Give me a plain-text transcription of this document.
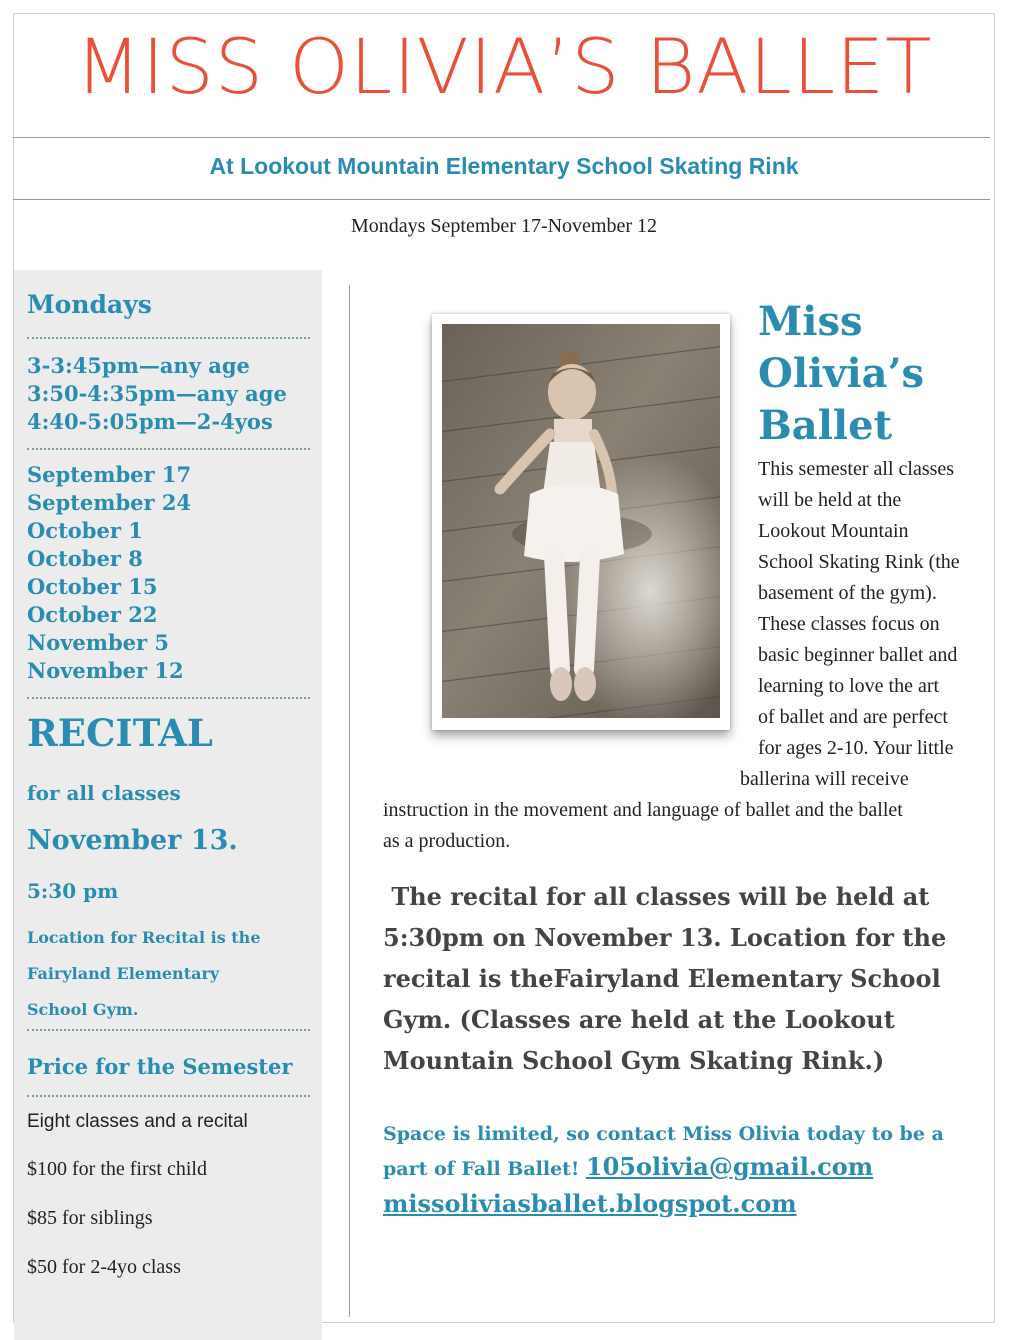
MISS OLIVIA’S BALLET
At Lookout Mountain Elementary School Skating Rink
Mondays September 17-November 12
Mondays
3-3:45pm—any age
3:50-4:35pm—any age
4:40-5:05pm—2-4yos
September 17
September 24
October 1
October 8
October 15
October 22
November 5
November 12
RECITAL
for all classes
November 13.
5:30 pm
Location for Recital is the
Fairyland Elementary
School Gym.
Price for the Semester
Eight classes and a recital
$100 for the first child
$85 for siblings
$50 for 2-4yo class
Miss
Olivia’s
Ballet
This semester all classes
will be held at the
Lookout Mountain
School Skating Rink (the
basement of the gym).
These classes focus on
basic beginner ballet and
learning to love the art
of ballet and are perfect
for ages 2-10. Your little
ballerina will receive
instruction in the movement and language of ballet and the ballet
as a production.
The recital for all classes will be held at
5:30pm on November 13. Location for the
recital is theFairyland Elementary School
Gym. (Classes are held at the Lookout
Mountain School Gym Skating Rink.)
Space is limited, so contact Miss Olivia today to be a
part of Fall Ballet! 105olivia@gmail.com
missoliviasballet.blogspot.com
